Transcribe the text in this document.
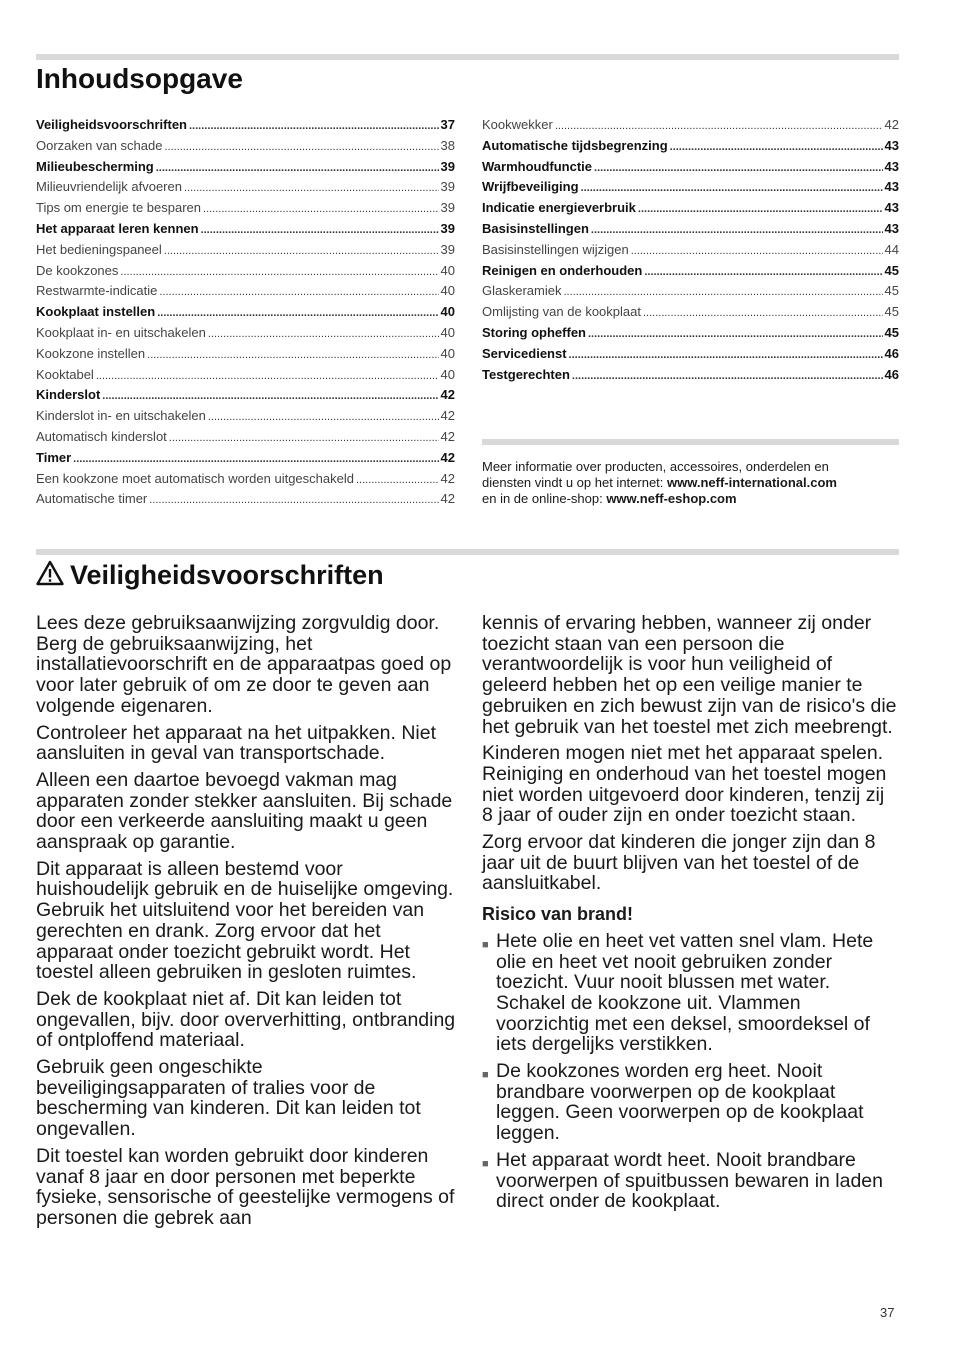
Inhoudsopgave
Veiligheidsvoorschriften .....	37
Oorzaken van schade .....	38
Milieubescherming .....	39
Milieuvriendelijk afvoeren .....	39
Tips om energie te besparen .....	39
Het apparaat leren kennen .....	39
Het bedieningspaneel .....	39
De kookzones .....	40
Restwarmte-indicatie .....	40
Kookplaat instellen .....	40
Kookplaat in- en uitschakelen .....	40
Kookzone instellen .....	40
Kooktabel .....	40
Kinderslot .....	42
Kinderslot in- en uitschakelen .....	42
Automatisch kinderslot .....	42
Timer .....	42
Een kookzone moet automatisch worden uitgeschakeld .....	42
Automatische timer .....	42
Kookwekker .....	42
Automatische tijdsbegrenzing .....	43
Warmhoudfunctie .....	43
Wrijfbeveiliging .....	43
Indicatie energieverbruik .....	43
Basisinstellingen .....	43
Basisinstellingen wijzigen .....	44
Reinigen en onderhouden .....	45
Glaskeramiek .....	45
Omlijsting van de kookplaat .....	45
Storing opheffen .....	45
Servicedienst .....	46
Testgerechten .....	46
Meer informatie over producten, accessoires, onderdelen en
diensten vindt u op het internet: www.neff-international.com
en in de online-shop: www.neff-eshop.com
Veiligheidsvoorschriften

Lees deze gebruiksaanwijzing zorgvuldig door. Berg de gebruiksaanwijzing, het installatievoorschrift en de apparaatpas goed op voor later gebruik of om ze door te geven aan volgende eigenaren.

Controleer het apparaat na het uitpakken. Niet aansluiten in geval van transportschade.

Alleen een daartoe bevoegd vakman mag apparaten zonder stekker aansluiten. Bij schade door een verkeerde aansluiting maakt u geen aanspraak op garantie.

Dit apparaat is alleen bestemd voor huishoudelijk gebruik en de huiselijke omgeving. Gebruik het uitsluitend voor het bereiden van gerechten en drank. Zorg ervoor dat het apparaat onder toezicht gebruikt wordt. Het toestel alleen gebruiken in gesloten ruimtes.

Dek de kookplaat niet af. Dit kan leiden tot ongevallen, bijv. door oververhitting, ontbranding of ontploffend materiaal.

Gebruik geen ongeschikte beveiligingsapparaten of tralies voor de bescherming van kinderen. Dit kan leiden tot ongevallen.

Dit toestel kan worden gebruikt door kinderen vanaf 8 jaar en door personen met beperkte fysieke, sensorische of geestelijke vermogens of personen die gebrek aan

kennis of ervaring hebben, wanneer zij onder toezicht staan van een persoon die verantwoordelijk is voor hun veiligheid of geleerd hebben het op een veilige manier te gebruiken en zich bewust zijn van de risico's die het gebruik van het toestel met zich meebrengt.

Kinderen mogen niet met het apparaat spelen. Reiniging en onderhoud van het toestel mogen niet worden uitgevoerd door kinderen, tenzij zij 8 jaar of ouder zijn en onder toezicht staan.

Zorg ervoor dat kinderen die jonger zijn dan 8 jaar uit de buurt blijven van het toestel of de aansluitkabel.

Risico van brand!
■ Hete olie en heet vet vatten snel vlam. Hete olie en heet vet nooit gebruiken zonder toezicht. Vuur nooit blussen met water. Schakel de kookzone uit. Vlammen voorzichtig met een deksel, smoordeksel of iets dergelijks verstikken.
■ De kookzones worden erg heet. Nooit brandbare voorwerpen op de kookplaat leggen. Geen voorwerpen op de kookplaat leggen.
■ Het apparaat wordt heet. Nooit brandbare voorwerpen of spuitbussen bewaren in laden direct onder de kookplaat.
37
